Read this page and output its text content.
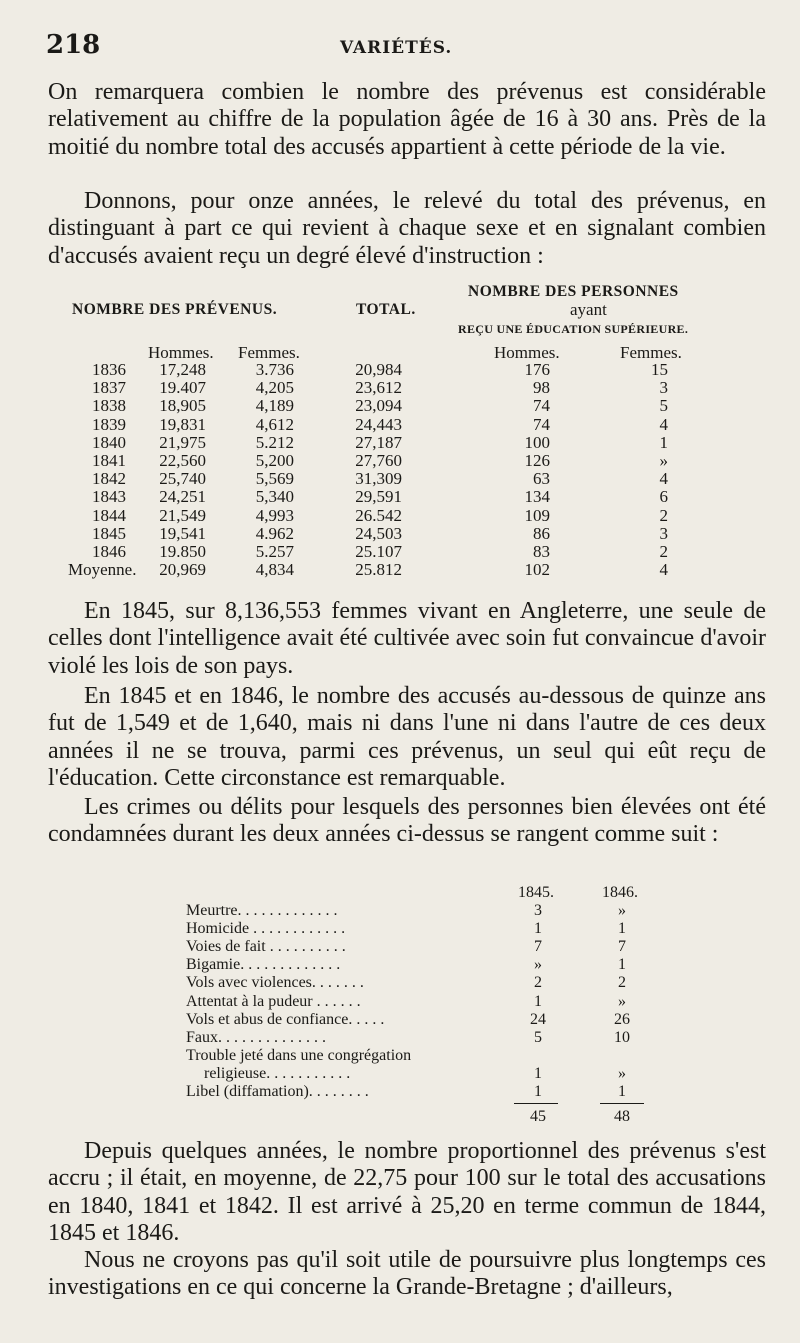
218	VARIÉTÉS.

On remarquera combien le nombre des prévenus est considérable relativement au chiffre de la population âgée de 16 à 30 ans. Près de la moitié du nombre total des accusés appartient à cette période de la vie.

Donnons, pour onze années, le relevé du total des prévenus, en distinguant à part ce qui revient à chaque sexe et en signalant combien d'accusés avaient reçu un degré élevé d'instruction :

NOMBRE DES PRÉVENUS.	TOTAL.
NOMBRE DES PERSONNES
ayant
REÇU UNE ÉDUCATION SUPÉRIEURE.
Hommes. Femmes.	Hommes.	Femmes.
1836	17,248	3.736	20,984	176	15
1837	19.407	4,205	23,612	98	3
1838	18,905	4,189	23,094	74	5
1839	19,831	4,612	24,443	74	4
1840	21,975	5.212	27,187	100	1
1841	22,560	5,200	27,760	126	»
1842	25,740	5,569	31,309	63	4
1843	24,251	5,340	29,591	134	6
1844	21,549	4,993	26.542	109	2
1845	19,541	4.962	24,503	86	3
1846	19.850	5.257	25.107	83	2
Moyenne.	20,969	4,834	25.812	102	4

En 1845, sur 8,136,553 femmes vivant en Angleterre, une seule de celles dont l'intelligence avait été cultivée avec soin fut convaincue d'avoir violé les lois de son pays.

En 1845 et en 1846, le nombre des accusés au-dessous de quinze ans fut de 1,549 et de 1,640, mais ni dans l'une ni dans l'autre de ces deux années il ne se trouva, parmi ces prévenus, un seul qui eût reçu de l'éducation. Cette circonstance est remarquable.

Les crimes ou délits pour lesquels des personnes bien élevées ont été condamnées durant les deux années ci-dessus se rangent comme suit :

1845.	1846.
Meurtre. . . . . . . . . . . . .	3	»
Homicide . . . . . . . . . . . .	1	1
Voies de fait . . . . . . . . . .	7	7
Bigamie. . . . . . . . . . . . .	»	1
Vols avec violences. . . . . . .	2	2
Attentat à la pudeur . . . . . .	1	»
Vols et abus de confiance. . . . .	24	26
Faux. . . . . . . . . . . . . .	5	10
Trouble jeté dans une congrégation
religieuse. . . . . . . . . . .	1	»
Libel (diffamation). . . . . . . .	1	1
45	48

Depuis quelques années, le nombre proportionnel des prévenus s'est accru ; il était, en moyenne, de 22,75 pour 100 sur le total des accusations en 1840, 1841 et 1842. Il est arrivé à 25,20 en terme commun de 1844, 1845 et 1846.

Nous ne croyons pas qu'il soit utile de poursuivre plus longtemps ces investigations en ce qui concerne la Grande-Bretagne ; d'ailleurs,
